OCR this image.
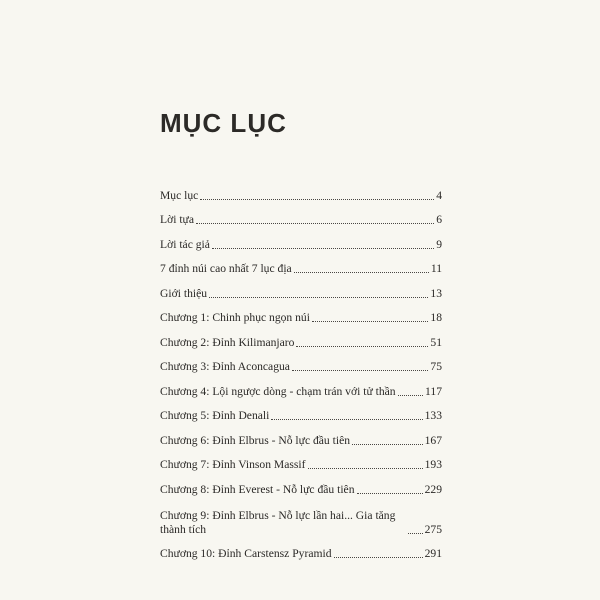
MỤC LỤC
Mục lục	4
Lời tựa	6
Lời tác giả	9
7 đỉnh núi cao nhất 7 lục địa	11
Giới thiệu	13
Chương 1: Chinh phục ngọn núi	18
Chương 2: Đỉnh Kilimanjaro	51
Chương 3: Đỉnh Aconcagua	75
Chương 4: Lội ngược dòng - chạm trán với tử thần	117
Chương 5: Đỉnh Denali	133
Chương 6: Đỉnh Elbrus - Nỗ lực đầu tiên	167
Chương 7: Đỉnh Vinson Massif	193
Chương 8: Đỉnh Everest - Nỗ lực đầu tiên	229
Chương 9: Đỉnh Elbrus - Nỗ lực lần hai... Gia tăng thành tích	275
Chương 10: Đỉnh Carstensz Pyramid	291
